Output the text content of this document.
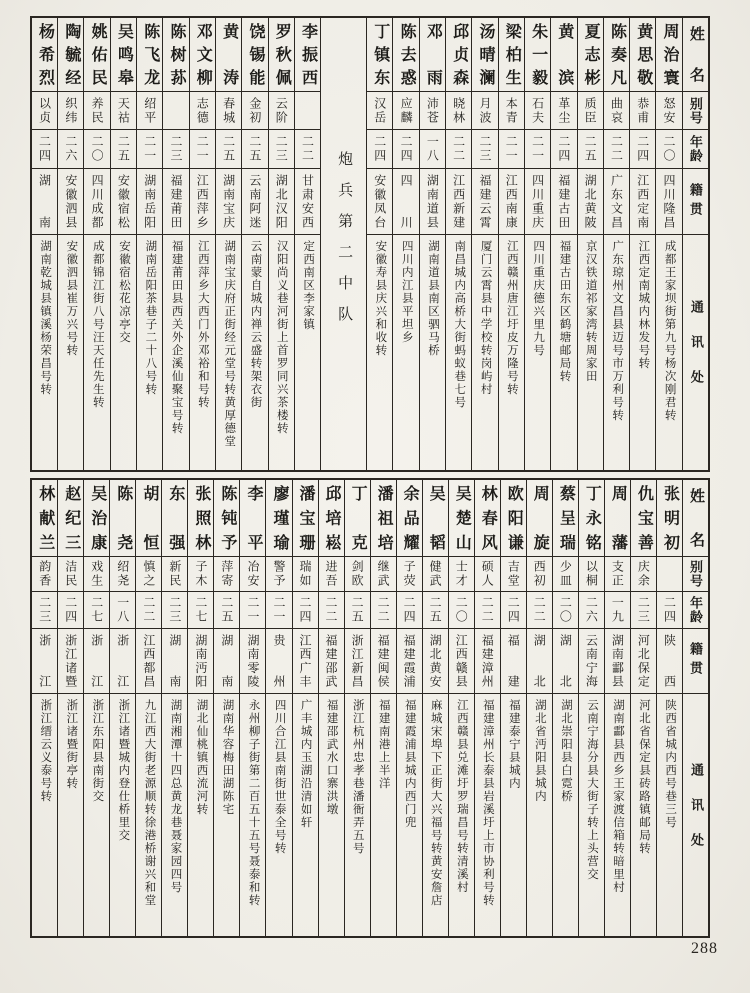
姓名
别号
年龄
籍贯
通讯处
周治寰
怒安
二〇
四川隆昌
成都王家坝街第九号杨次刚君转
黄思敬
恭甫
二四
江西定南
江西定南城内林发号转
陈奏凡
曲哀
二二
广东文昌
广东琼州文昌县迈号市万利号转
夏志彬
质臣
二五
湖北黄陂
京汉铁道祁家湾转周家田
黄滨
革尘
二四
福建古田
福建古田东区鹤塘邮局转
朱一毅
石夫
二一
四川重庆
四川重庆德兴里九号
梁柏生
本青
二一
江西南康
江西赣州唐江圩皮万隆号转
汤晴澜
月波
二三
福建云霄
厦门云霄县中学校转岗屿村
邱贞森
晓林
二二
江西新建
南昌城内高桥大街蚂蚁巷七号
邓雨
沛苍
一八
湖南道县
湖南道县南区驷马桥
陈去惑
应麟
二四
四川
四川内江县平坦乡
丁镇东
汉岳
二四
安徽凤台
安徽寿县庆兴和收转
炮兵第二中队
李振西
二二
甘肃安西
定西南区李家镇
罗秋佩
云阶
二三
湖北汉阳
汉阳尚义巷河街上首罗同兴茶楼转
饶锡能
金初
二五
云南阿迷
云南蒙自城内禅云盛转架衣街
黄涛
春城
二五
湖南宝庆
湖南宝庆府正街经元堂号转黄厚德堂
邓文柳
志德
二一
江西萍乡
江西萍乡大西门外邓裕和号转
陈树荪
二三
福建莆田
福建莆田县西关外企溪仙聚宝号转
陈飞龙
绍平
二一
湖南岳阳
湖南岳阳茶巷子二十八号转
吴鸣皋
天祜
二五
安徽宿松
安徽宿松花凉亭交
姚佑民
养民
二〇
四川成都
成都锦江街八号汪天任先生转
陶毓经
织纬
二六
安徽泗县
安徽泗县崔万兴号转
杨希烈
以贞
二四
湖南
湖南乾城县镇溪杨荣昌号转
姓名
别号
年龄
籍贯
通讯处
张明初
二四
陕西
陕西省城内西号巷三号
仇宝善
庆余
二三
河北保定
河北省保定县砖路镇邮局转
周藩
支正
一九
湖南酃县
湖南酃县西乡王家渡信箱转暗里村
丁永铭
以桐
二六
云南宁海
云南宁海分县大街子转上头营交
蔡呈瑞
少皿
二〇
湖北
湖北崇阳县白霓桥
周旋
西初
二二
湖北
湖北省沔阳县城内
欧阳谦
吉堂
二四
福建
福建泰宁县城内
林春风
硕人
二二
福建漳州
福建漳州长泰县岩溪圩上市协利号转
吴楚山
士才
二〇
江西赣县
江西赣县兑滩圩罗瑞昌号转清溪村
吴韬
健武
二五
湖北黄安
麻城宋埠下正街大兴福号转黄安詹店
余品耀
子荧
二四
福建霞浦
福建霞浦县城内西门兜
潘祖培
继武
二二
福建闽侯
福建南港上半洋
丁克
剑欧
二五
浙江新昌
浙江杭州忠孝巷潘衙弄五号
邱培崧
进吾
二二
福建邵武
福建邵武水口寨洪墩
潘宝珊
瑞如
二四
江西广丰
广丰城内玉湖沿清如轩
廖瑾瑜
警予
二一
贵州
四川合江县南街世泰全号转
李平
冶安
二一
湖南零陵
永州柳子街第二百五十五号聂泰和转
陈钝予
萍寄
二五
湖南
湖南华容梅田湖陈宅
张照林
子木
二七
湖南沔阳
湖北仙桃镇西流河转
东强
新民
二三
湖南
湖南湘潭十四总黄龙巷聂家园四号
胡恒
慎之
二二
江西都昌
九江西大街老源顺转徐港桥谢兴和堂
陈尧
绍尧
一八
浙江
浙江诸暨城内登仕桥里交
吴治康
戏生
二七
浙江
浙江东阳县南街交
赵纪三
洁民
二四
浙江诸暨
浙江诸暨街亭转
林献兰
韵香
二三
浙江
浙江缙云义泰号转
288
